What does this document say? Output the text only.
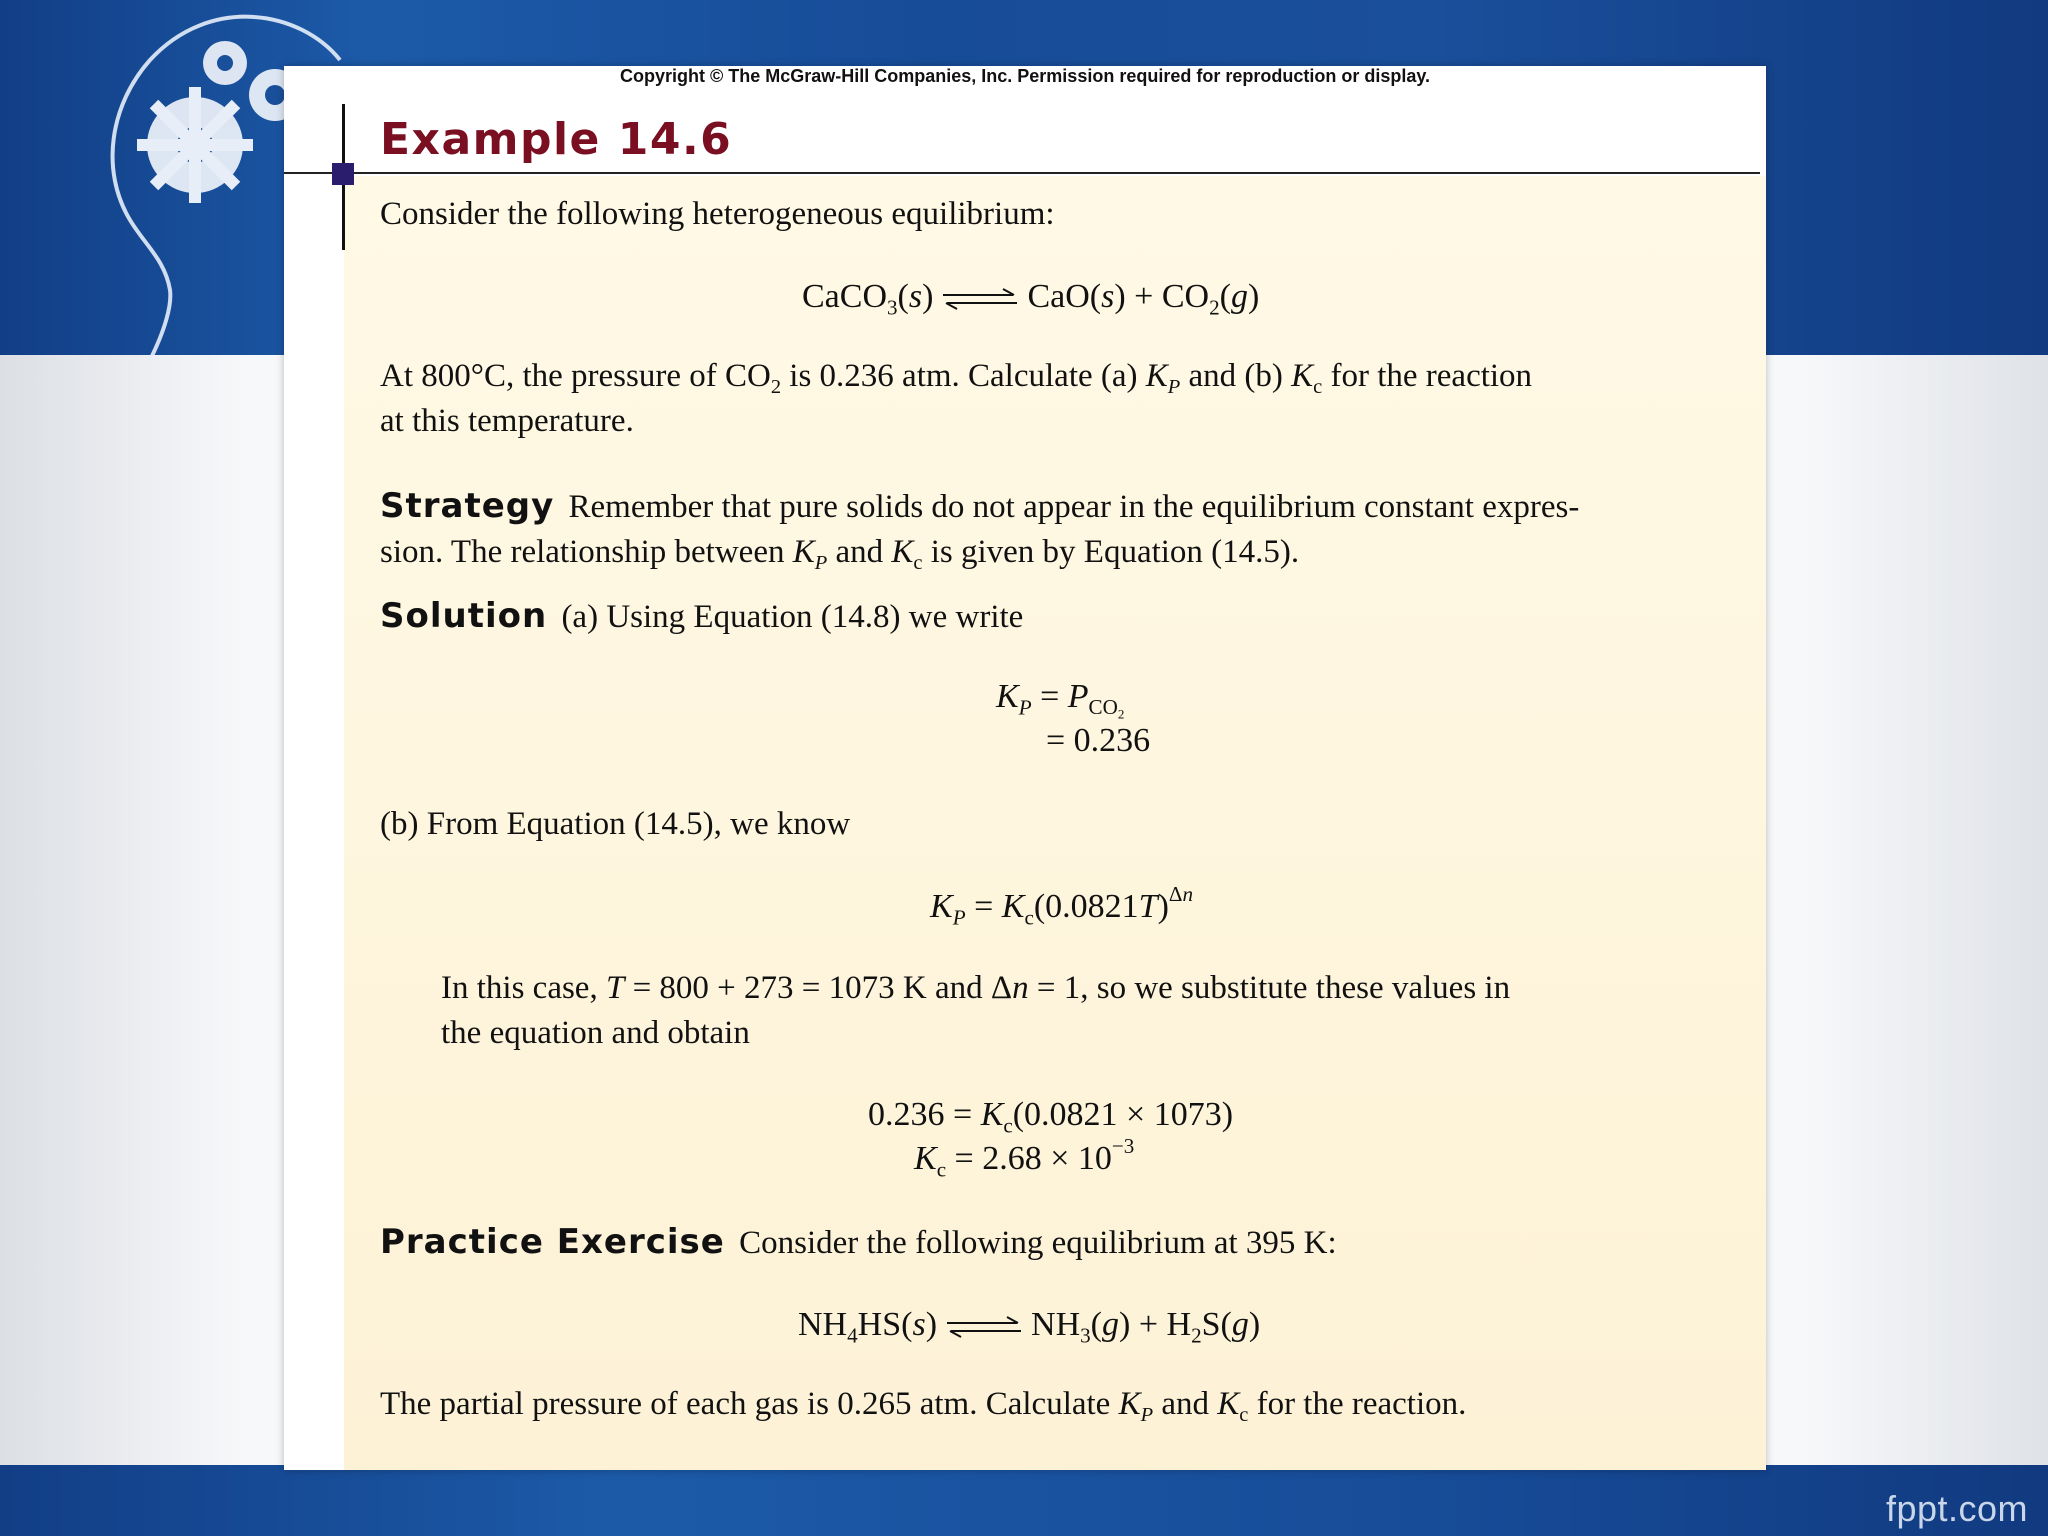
fppt.com
Copyright © The McGraw-Hill Companies, Inc. Permission required for reproduction or display.
Example 14.6
Consider the following heterogeneous equilibrium:
CaCO$_3$(s) ⇌ $CaO(s) + CO_2(g)$
At 800°C, the pressure of $CO_2$ is 0.236 atm. Calculate (a) $K_P$ and (b) $K_c$ for the reaction
at this temperature.
Strategy Remember that pure solids do not appear in the equilibrium constant expres-
sion. The relationship between $K_P$ and $K_c$ is given by Equation (14.5).
Solution (a) Using Equation (14.8) we write
$K_P = P_{CO_2}$
= 0.236
(b) From Equation (14.5), we know
$K_P = K_c(0.0821T)^{\Delta n}$
In this case, T = 800 + 273 = 1073 K and Δn = 1, so we substitute these values in
the equation and obtain
$0.236 = K_c(0.0821 \times 1073)$
$K_c = 2.68 \times 10^{-3}$
Practice Exercise Consider the following equilibrium at 395 K:
$NH_4HS(s)$ ⇌ $NH_3(g) + H_2S(g)$
The partial pressure of each gas is 0.265 atm. Calculate $K_P$ and $K_c$ for the reaction.
